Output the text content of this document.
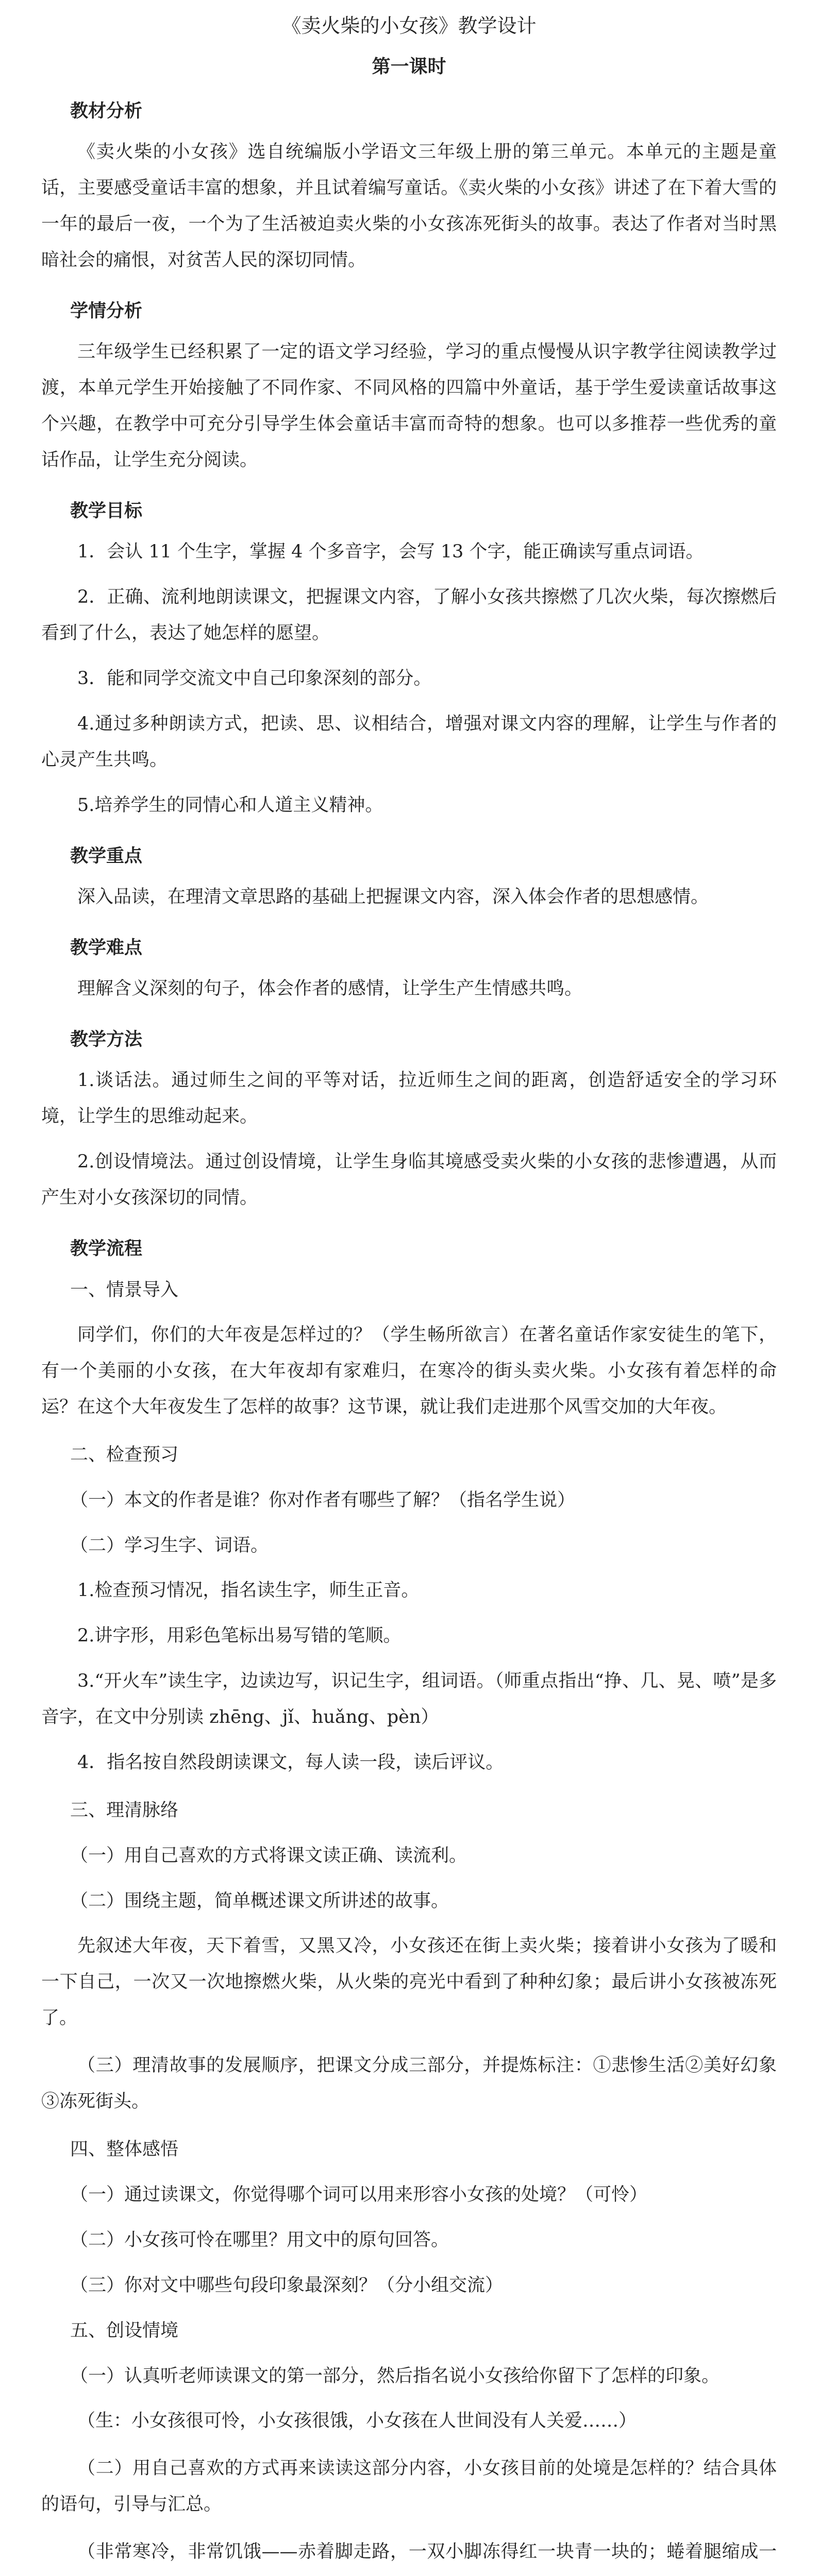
《卖火柴的小女孩》教学设计
第一课时
教材分析
《卖火柴的小女孩》选自统编版小学语文三年级上册的第三单元。本单元的主题是童话，主要感受童话丰富的想象，并且试着编写童话。《卖火柴的小女孩》讲述了在下着大雪的一年的最后一夜，一个为了生活被迫卖火柴的小女孩冻死街头的故事。表达了作者对当时黑暗社会的痛恨，对贫苦人民的深切同情。
学情分析
三年级学生已经积累了一定的语文学习经验，学习的重点慢慢从识字教学往阅读教学过渡，本单元学生开始接触了不同作家、不同风格的四篇中外童话，基于学生爱读童话故事这个兴趣，在教学中可充分引导学生体会童话丰富而奇特的想象。也可以多推荐一些优秀的童话作品，让学生充分阅读。
教学目标
1．会认 11 个生字，掌握 4 个多音字，会写 13 个字，能正确读写重点词语。
2．正确、流利地朗读课文，把握课文内容，了解小女孩共擦燃了几次火柴，每次擦燃后看到了什么，表达了她怎样的愿望。
3．能和同学交流文中自己印象深刻的部分。
4.通过多种朗读方式，把读、思、议相结合，增强对课文内容的理解，让学生与作者的心灵产生共鸣。
5.培养学生的同情心和人道主义精神。
教学重点
深入品读，在理清文章思路的基础上把握课文内容，深入体会作者的思想感情。
教学难点
理解含义深刻的句子，体会作者的感情，让学生产生情感共鸣。
教学方法
1.谈话法。通过师生之间的平等对话，拉近师生之间的距离，创造舒适安全的学习环境，让学生的思维动起来。
2.创设情境法。通过创设情境，让学生身临其境感受卖火柴的小女孩的悲惨遭遇，从而产生对小女孩深切的同情。
教学流程
一、情景导入
同学们，你们的大年夜是怎样过的？（学生畅所欲言）在著名童话作家安徒生的笔下，有一个美丽的小女孩，在大年夜却有家难归，在寒冷的街头卖火柴。小女孩有着怎样的命运？在这个大年夜发生了怎样的故事？这节课，就让我们走进那个风雪交加的大年夜。
二、检查预习
（一）本文的作者是谁？你对作者有哪些了解？（指名学生说）
（二）学习生字、词语。
1.检查预习情况，指名读生字，师生正音。
2.讲字形，用彩色笔标出易写错的笔顺。
3.“开火车”读生字，边读边写，识记生字，组词语。（师重点指出“挣、几、晃、喷”是多音字，在文中分别读 zhēng、jǐ、huǎng、pèn）
4．指名按自然段朗读课文，每人读一段，读后评议。
三、理清脉络
（一）用自己喜欢的方式将课文读正确、读流利。
（二）围绕主题，简单概述课文所讲述的故事。
先叙述大年夜，天下着雪，又黑又冷，小女孩还在街上卖火柴；接着讲小女孩为了暖和一下自己，一次又一次地擦燃火柴，从火柴的亮光中看到了种种幻象；最后讲小女孩被冻死了。
（三）理清故事的发展顺序，把课文分成三部分，并提炼标注：①悲惨生活②美好幻象③冻死街头。
四、整体感悟
（一）通过读课文，你觉得哪个词可以用来形容小女孩的处境？（可怜）
（二）小女孩可怜在哪里？用文中的原句回答。
（三）你对文中哪些句段印象最深刻？（分小组交流）
五、创设情境
（一）认真听老师读课文的第一部分，然后指名说小女孩给你留下了怎样的印象。
（生：小女孩很可怜，小女孩很饿，小女孩在人世间没有人关爱……）
（二）用自己喜欢的方式再来读读这部分内容，小女孩目前的处境是怎样的？结合具体的语句，引导与汇总。
（非常寒冷，非常饥饿——赤着脚走路，一双小脚冻得红一块青一块的；蜷着腿缩成一
